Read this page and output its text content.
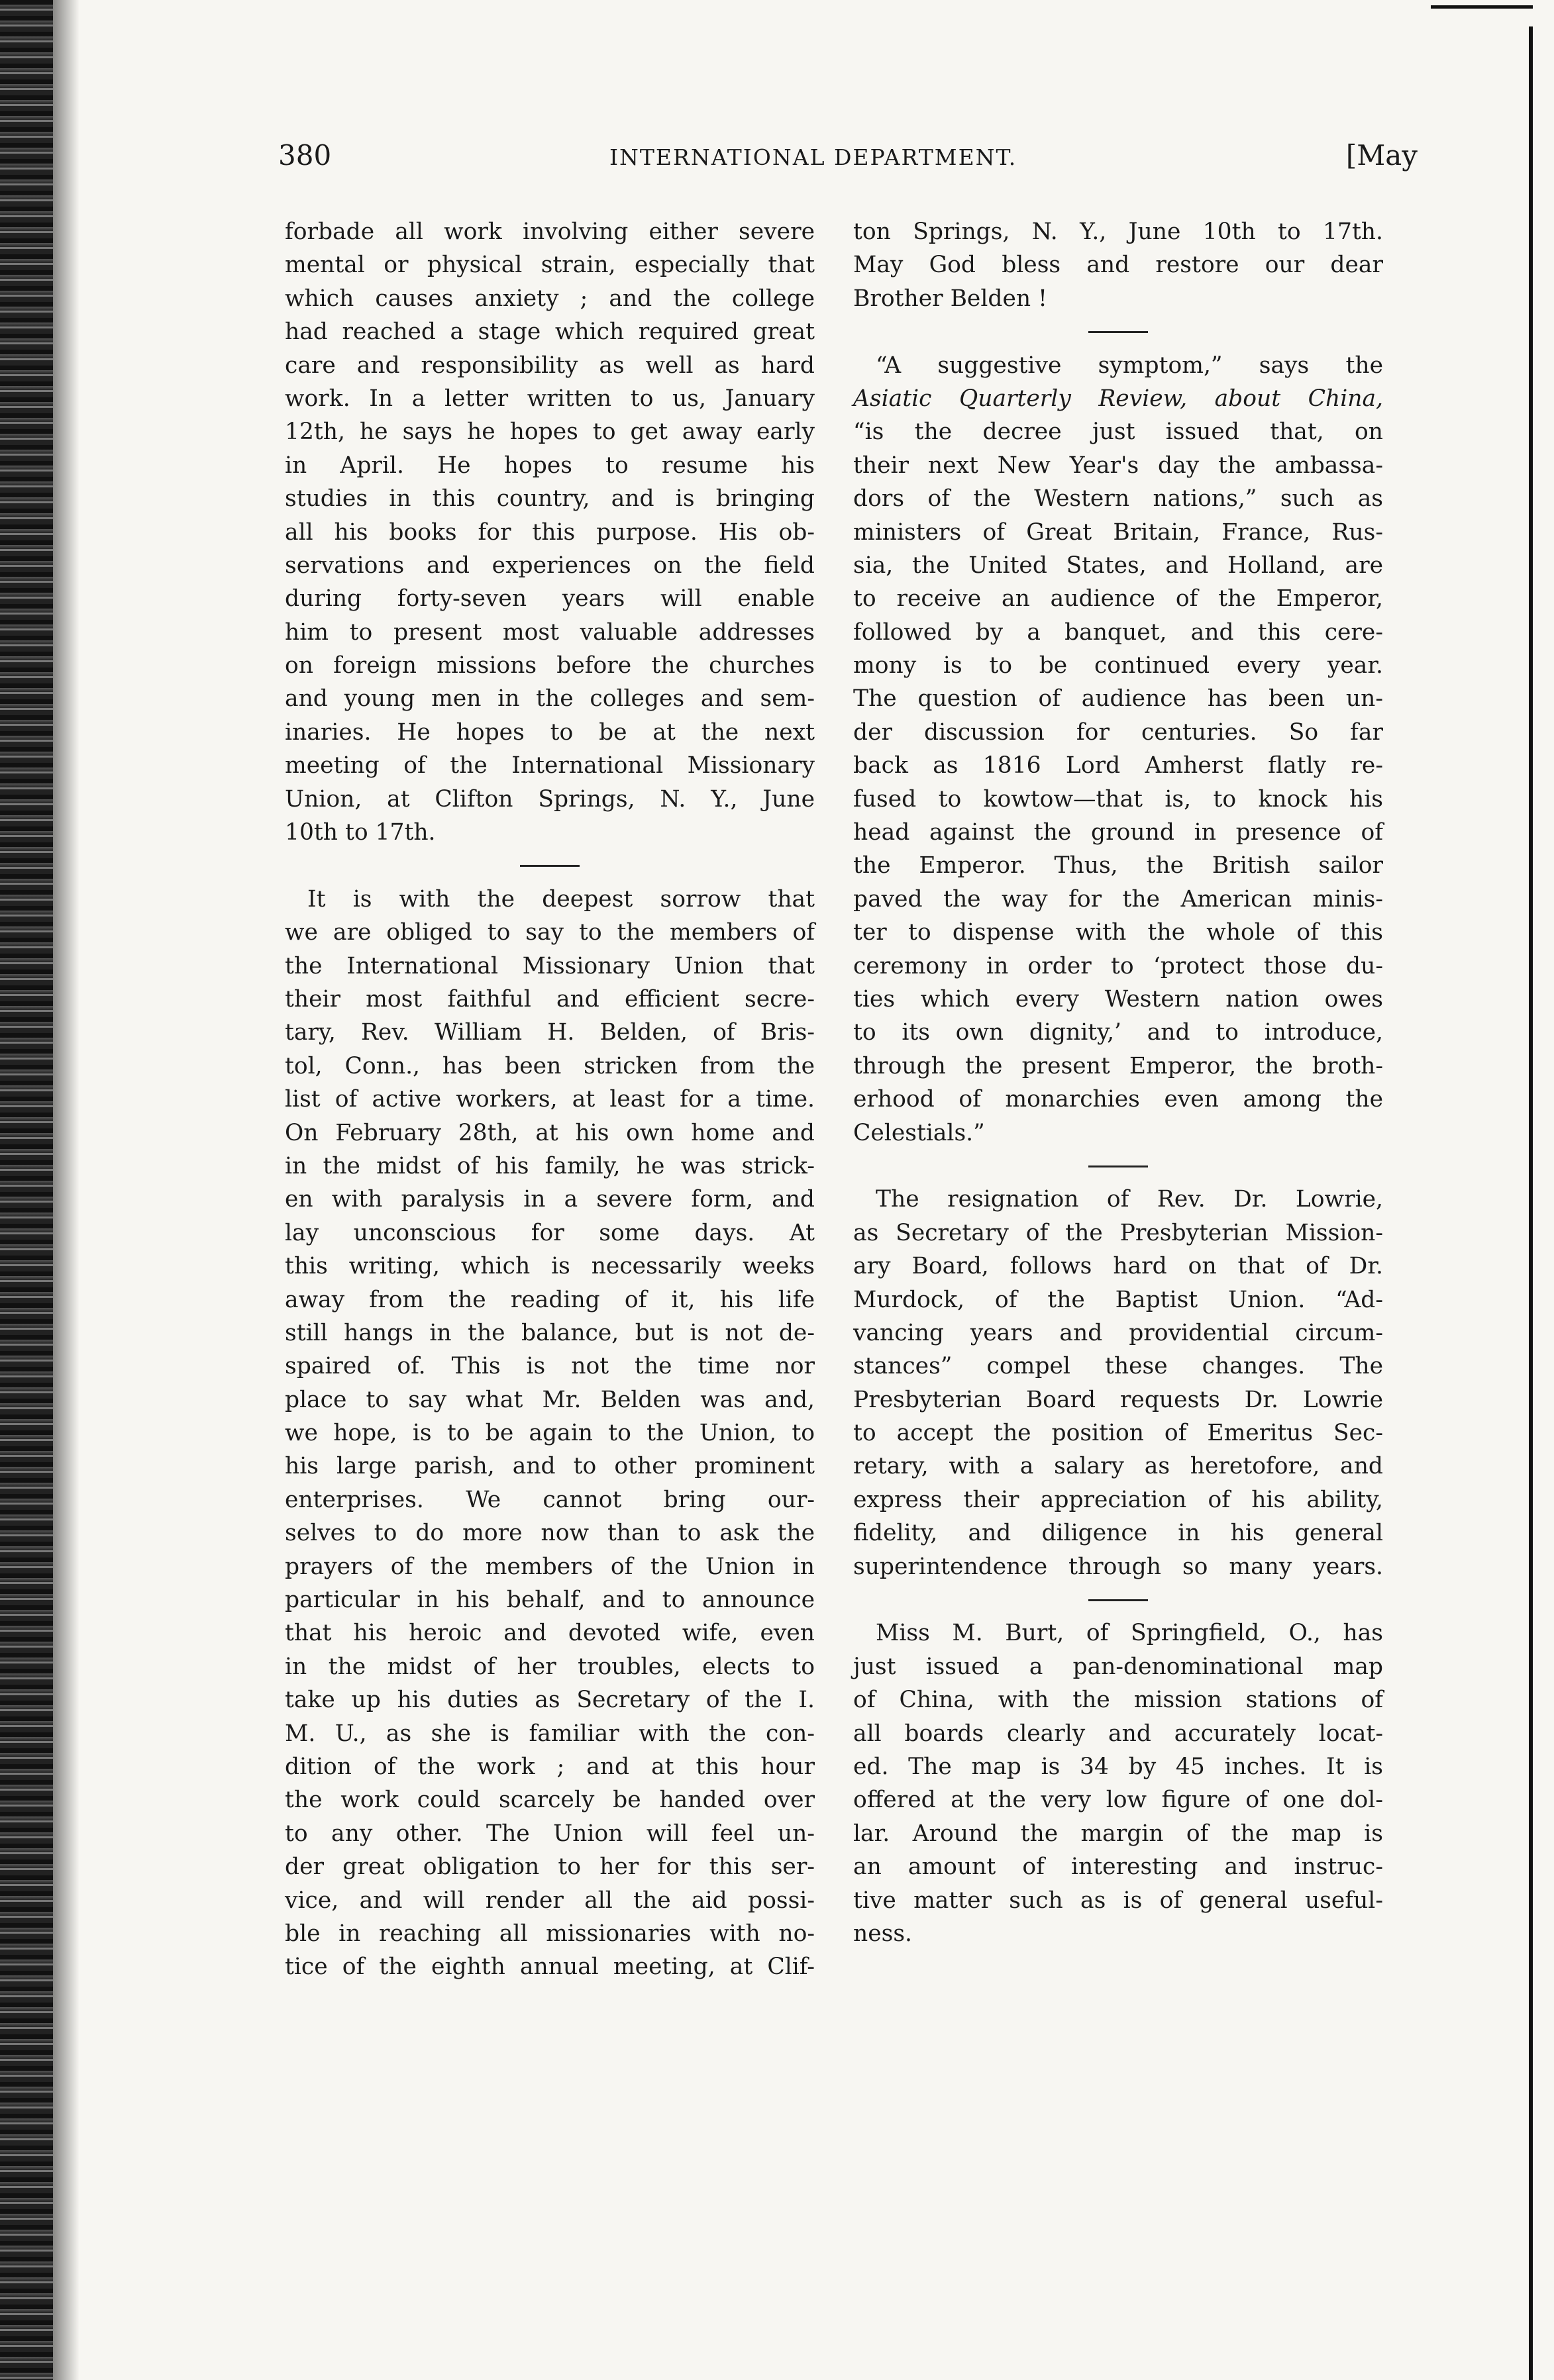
380	INTERNATIONAL DEPARTMENT.	[May
forbade all work involving either severe
mental or physical strain, especially that
which causes anxiety ; and the college
had reached a stage which required great
care and responsibility as well as hard
work. In a letter written to us, January
12th, he says he hopes to get away early
in April. He hopes to resume his
studies in this country, and is bringing
all his books for this purpose. His ob-
servations and experiences on the field
during forty-seven years will enable
him to present most valuable addresses
on foreign missions before the churches
and young men in the colleges and sem-
inaries. He hopes to be at the next
meeting of the International Missionary
Union, at Clifton Springs, N. Y., June
10th to 17th.
It is with the deepest sorrow that
we are obliged to say to the members of
the International Missionary Union that
their most faithful and efficient secre-
tary, Rev. William H. Belden, of Bris-
tol, Conn., has been stricken from the
list of active workers, at least for a time.
On February 28th, at his own home and
in the midst of his family, he was strick-
en with paralysis in a severe form, and
lay unconscious for some days. At
this writing, which is necessarily weeks
away from the reading of it, his life
still hangs in the balance, but is not de-
spaired of. This is not the time nor
place to say what Mr. Belden was and,
we hope, is to be again to the Union, to
his large parish, and to other prominent
enterprises. We cannot bring our-
selves to do more now than to ask the
prayers of the members of the Union in
particular in his behalf, and to announce
that his heroic and devoted wife, even
in the midst of her troubles, elects to
take up his duties as Secretary of the I.
M. U., as she is familiar with the con-
dition of the work ; and at this hour
the work could scarcely be handed over
to any other. The Union will feel un-
der great obligation to her for this ser-
vice, and will render all the aid possi-
ble in reaching all missionaries with no-
tice of the eighth annual meeting, at Clif-
ton Springs, N. Y., June 10th to 17th.
May God bless and restore our dear
Brother Belden !
“A suggestive symptom,” says the
Asiatic Quarterly Review, about China,
“is the decree just issued that, on
their next New Year's day the ambassa-
dors of the Western nations,” such as
ministers of Great Britain, France, Rus-
sia, the United States, and Holland, are
to receive an audience of the Emperor,
followed by a banquet, and this cere-
mony is to be continued every year.
The question of audience has been un-
der discussion for centuries. So far
back as 1816 Lord Amherst flatly re-
fused to kowtow—that is, to knock his
head against the ground in presence of
the Emperor. Thus, the British sailor
paved the way for the American minis-
ter to dispense with the whole of this
ceremony in order to ‘protect those du-
ties which every Western nation owes
to its own dignity,’ and to introduce,
through the present Emperor, the broth-
erhood of monarchies even among the
Celestials.”
The resignation of Rev. Dr. Lowrie,
as Secretary of the Presbyterian Mission-
ary Board, follows hard on that of Dr.
Murdock, of the Baptist Union. “Ad-
vancing years and providential circum-
stances” compel these changes. The
Presbyterian Board requests Dr. Lowrie
to accept the position of Emeritus Sec-
retary, with a salary as heretofore, and
express their appreciation of his ability,
fidelity, and diligence in his general
superintendence through so many years.
Miss M. Burt, of Springfield, O., has
just issued a pan-denominational map
of China, with the mission stations of
all boards clearly and accurately locat-
ed. The map is 34 by 45 inches. It is
offered at the very low figure of one dol-
lar. Around the margin of the map is
an amount of interesting and instruc-
tive matter such as is of general useful-
ness.
